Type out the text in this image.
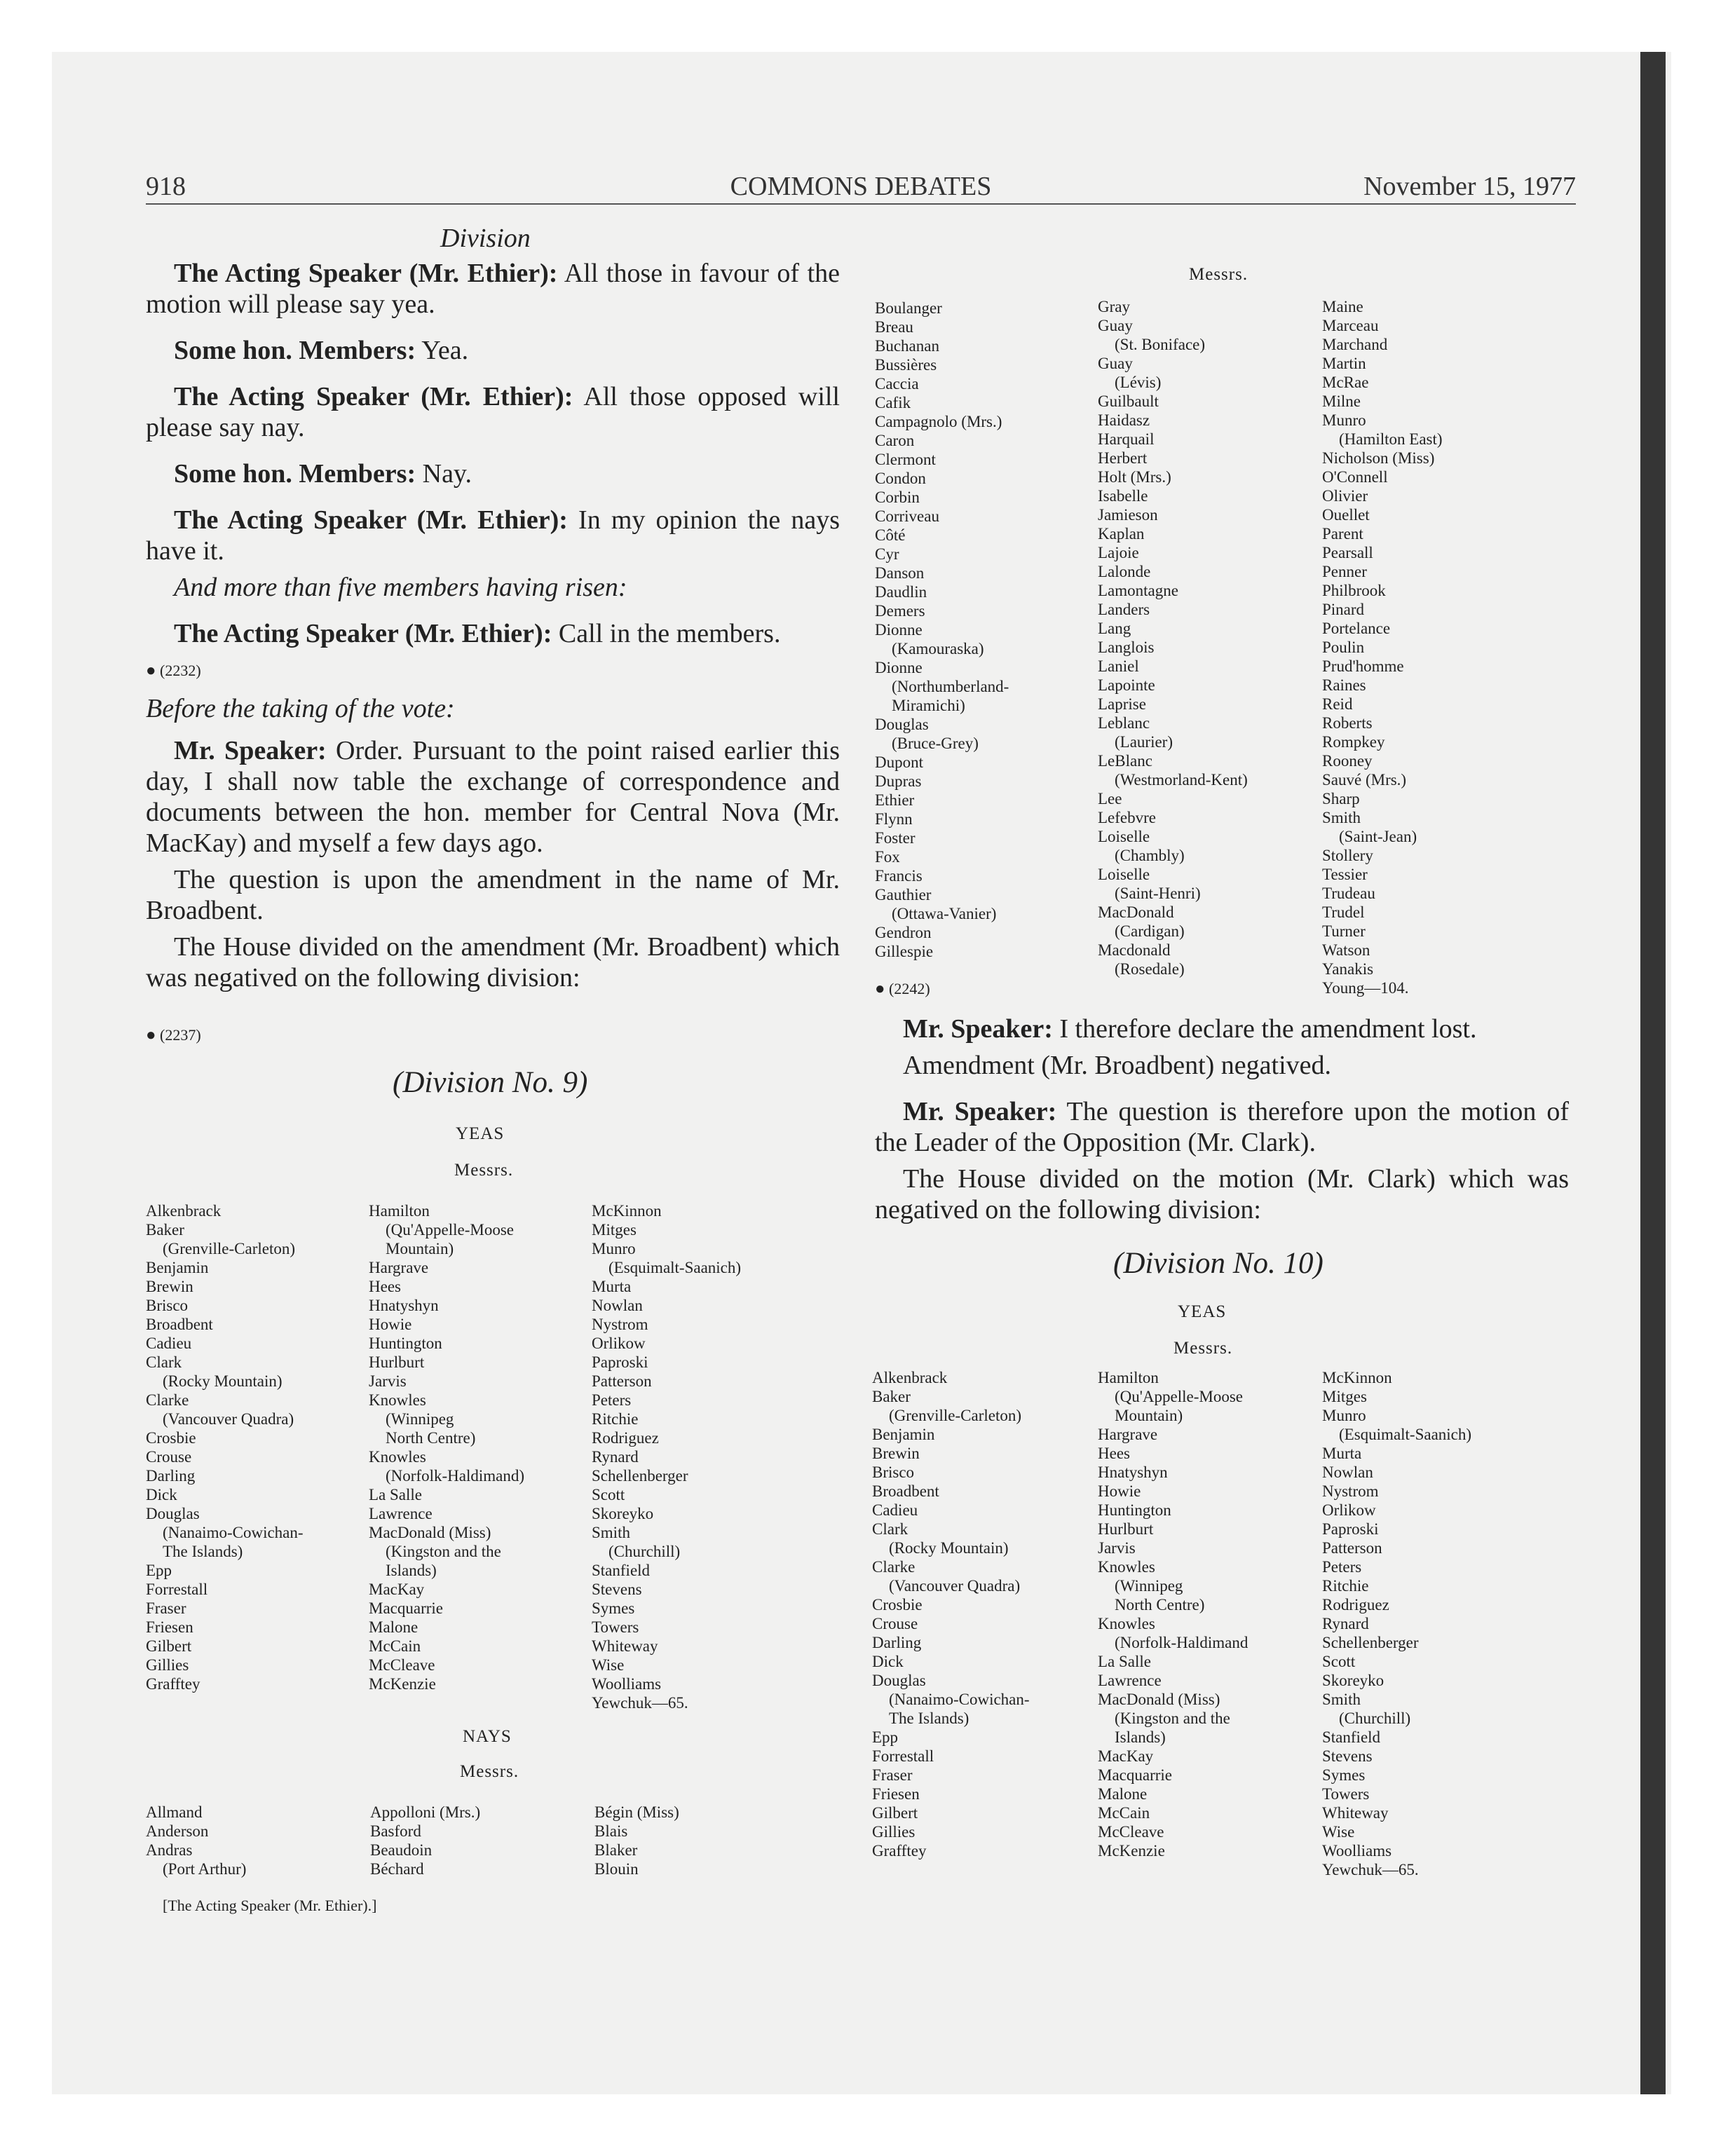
918	COMMONS DEBATES	November 15, 1977
Division

The Acting Speaker (Mr. Ethier): All those in favour of the motion will please say yea.

Some hon. Members: Yea.

The Acting Speaker (Mr. Ethier): All those opposed will please say nay.

Some hon. Members: Nay.

The Acting Speaker (Mr. Ethier): In my opinion the nays have it.

And more than five members having risen:

The Acting Speaker (Mr. Ethier): Call in the members.

● (2232)

Before the taking of the vote:

Mr. Speaker: Order. Pursuant to the point raised earlier this day, I shall now table the exchange of correspondence and documents between the hon. member for Central Nova (Mr. MacKay) and myself a few days ago.

The question is upon the amendment in the name of Mr. Broadbent.

The House divided on the amendment (Mr. Broadbent) which was negatived on the following division:

● (2237)
(Division No. 9)
YEAS
Messrs.
Alkenbrack
Baker
(Grenville-Carleton)
Benjamin
Brewin
Brisco
Broadbent
Cadieu
Clark
(Rocky Mountain)
Clarke
(Vancouver Quadra)
Crosbie
Crouse
Darling
Dick
Douglas
(Nanaimo-Cowichan-
The Islands)
Epp
Forrestall
Fraser
Friesen
Gilbert
Gillies
Grafftey
Hamilton
(Qu'Appelle-Moose
Mountain)
Hargrave
Hees
Hnatyshyn
Howie
Huntington
Hurlburt
Jarvis
Knowles
(Winnipeg
North Centre)
Knowles
(Norfolk-Haldimand)
La Salle
Lawrence
MacDonald (Miss)
(Kingston and the
Islands)
MacKay
Macquarrie
Malone
McCain
McCleave
McKenzie
McKinnon
Mitges
Munro
(Esquimalt-Saanich)
Murta
Nowlan
Nystrom
Orlikow
Paproski
Patterson
Peters
Ritchie
Rodriguez
Rynard
Schellenberger
Scott
Skoreyko
Smith
(Churchill)
Stanfield
Stevens
Symes
Towers
Whiteway
Wise
Woolliams
Yewchuk—65.
NAYS
Messrs.
Allmand
Anderson
Andras
(Port Arthur)
Appolloni (Mrs.)
Basford
Beaudoin
Béchard
Bégin (Miss)
Blais
Blaker
Blouin
[The Acting Speaker (Mr. Ethier).]
Messrs.
Boulanger
Breau
Buchanan
Bussières
Caccia
Cafik
Campagnolo (Mrs.)
Caron
Clermont
Condon
Corbin
Corriveau
Côté
Cyr
Danson
Daudlin
Demers
Dionne
(Kamouraska)
Dionne
(Northumberland-
Miramichi)
Douglas
(Bruce-Grey)
Dupont
Dupras
Ethier
Flynn
Foster
Fox
Francis
Gauthier
(Ottawa-Vanier)
Gendron
Gillespie
Gray
Guay
(St. Boniface)
Guay
(Lévis)
Guilbault
Haidasz
Harquail
Herbert
Holt (Mrs.)
Isabelle
Jamieson
Kaplan
Lajoie
Lalonde
Lamontagne
Landers
Lang
Langlois
Laniel
Lapointe
Laprise
Leblanc
(Laurier)
LeBlanc
(Westmorland-Kent)
Lee
Lefebvre
Loiselle
(Chambly)
Loiselle
(Saint-Henri)
MacDonald
(Cardigan)
Macdonald
(Rosedale)
Maine
Marceau
Marchand
Martin
McRae
Milne
Munro
(Hamilton East)
Nicholson (Miss)
O'Connell
Olivier
Ouellet
Parent
Pearsall
Penner
Philbrook
Pinard
Portelance
Poulin
Prud'homme
Raines
Reid
Roberts
Rompkey
Rooney
Sauvé (Mrs.)
Sharp
Smith
(Saint-Jean)
Stollery
Tessier
Trudeau
Trudel
Turner
Watson
Yanakis
Young—104.
● (2242)

Mr. Speaker: I therefore declare the amendment lost.

Amendment (Mr. Broadbent) negatived.

Mr. Speaker: The question is therefore upon the motion of the Leader of the Opposition (Mr. Clark).

The House divided on the motion (Mr. Clark) which was negatived on the following division:

(Division No. 10)
YEAS
Messrs.
Alkenbrack
Baker
(Grenville-Carleton)
Benjamin
Brewin
Brisco
Broadbent
Cadieu
Clark
(Rocky Mountain)
Clarke
(Vancouver Quadra)
Crosbie
Crouse
Darling
Dick
Douglas
(Nanaimo-Cowichan-
The Islands)
Epp
Forrestall
Fraser
Friesen
Gilbert
Gillies
Grafftey
Hamilton
(Qu'Appelle-Moose
Mountain)
Hargrave
Hees
Hnatyshyn
Howie
Huntington
Hurlburt
Jarvis
Knowles
(Winnipeg
North Centre)
Knowles
(Norfolk-Haldimand
La Salle
Lawrence
MacDonald (Miss)
(Kingston and the
Islands)
MacKay
Macquarrie
Malone
McCain
McCleave
McKenzie
McKinnon
Mitges
Munro
(Esquimalt-Saanich)
Murta
Nowlan
Nystrom
Orlikow
Paproski
Patterson
Peters
Ritchie
Rodriguez
Rynard
Schellenberger
Scott
Skoreyko
Smith
(Churchill)
Stanfield
Stevens
Symes
Towers
Whiteway
Wise
Woolliams
Yewchuk—65.
